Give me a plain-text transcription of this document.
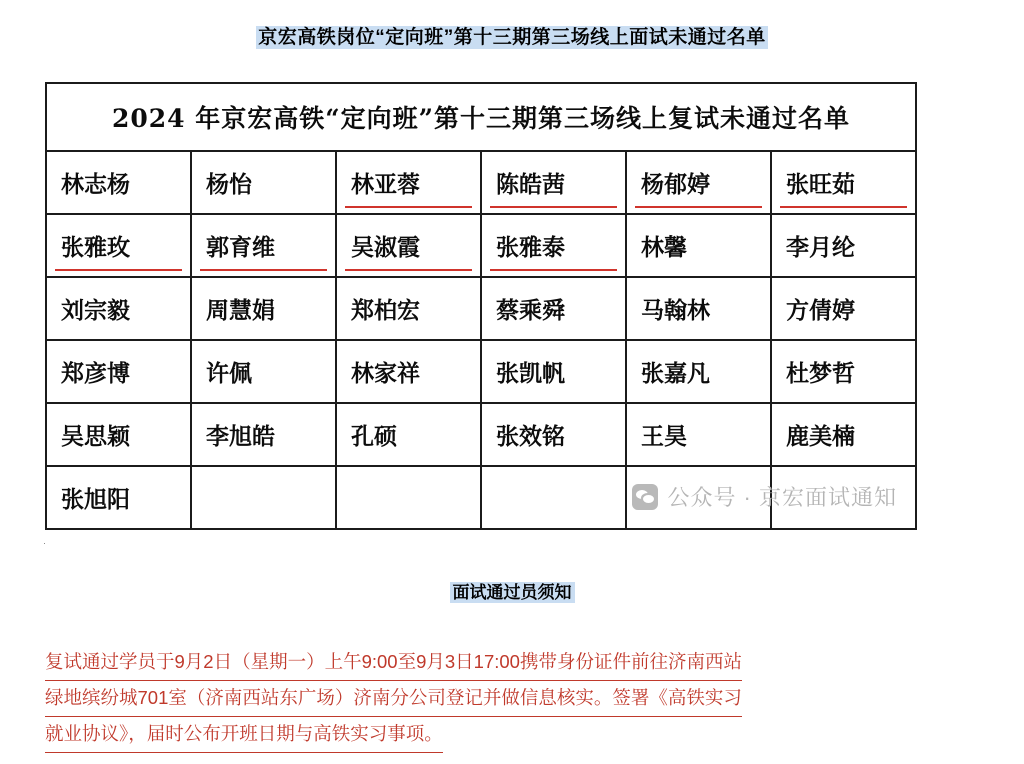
京宏高铁岗位“定向班”第十三期第三场线上面试未通过名单
2024 年京宏高铁“定向班”第十三期第三场线上复试未通过名单					
林志杨	杨怡	林亚蓉	陈皓茜	杨郁婷	张旺茹
张雅玫	郭育维	吴淑霞	张雅泰	林馨	李月纶
刘宗毅	周慧娟	郑柏宏	蔡乘舜	马翰林	方倩婷
郑彦博	许佩	林家祥	张凯帆	张嘉凡	杜梦哲
吴思颖	李旭皓	孔硕	张效铭	王昊	鹿美楠
张旭阳						公众号 · 京宏面试通知
·
面试通过员须知
复试通过学员于9月2日（星期一）上午9:00至9月3日17:00携带身份证件前往济南西站
绿地缤纷城701室（济南西站东广场）济南分公司登记并做信息核实。签署《高铁实习
就业协议》，届时公布开班日期与高铁实习事项。
